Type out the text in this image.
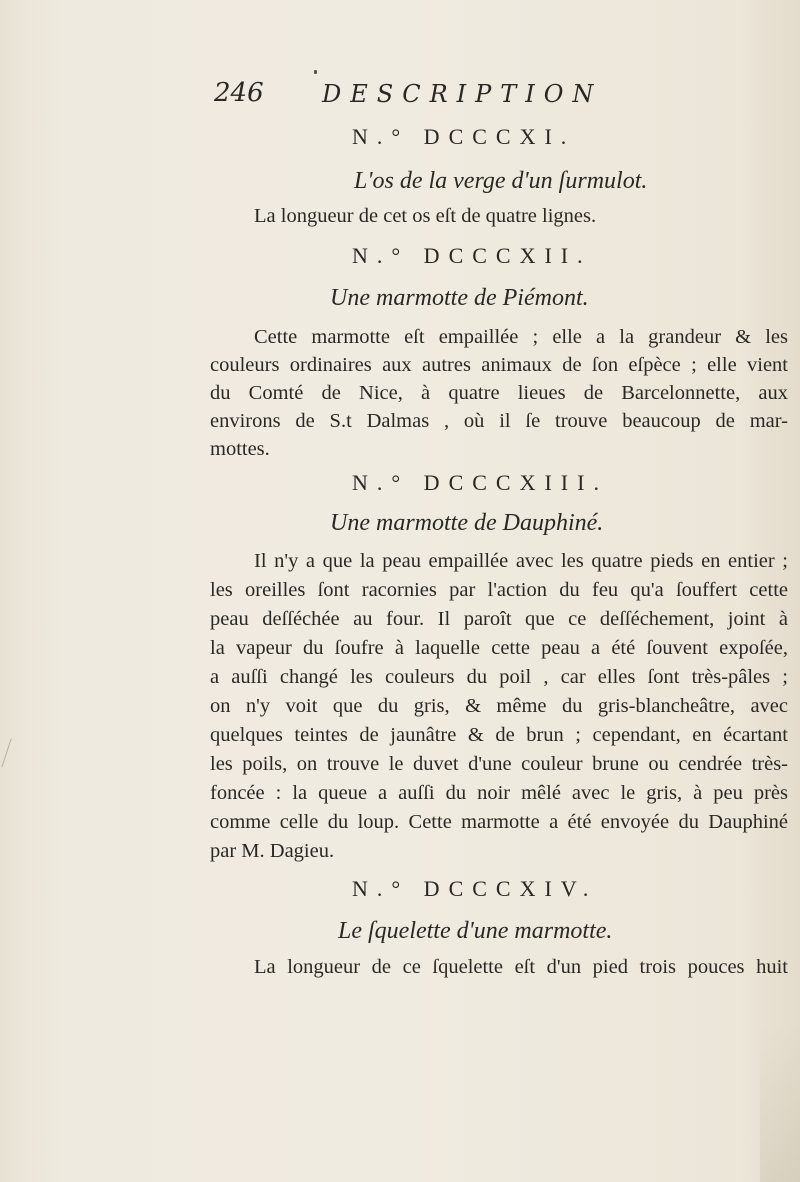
246 DESCRIPTION
N.° DCCCXI.
L'os de la verge d'un ſurmulot.
La longueur de cet os eſt de quatre lignes.
N.° DCCCXII.
Une marmotte de Piémont.
Cette marmotte eſt empaillée ; elle a la grandeur & les
couleurs ordinaires aux autres animaux de ſon eſpèce ; elle vient
du Comté de Nice, à quatre lieues de Barcelonnette, aux
environs de S.t Dalmas , où il ſe trouve beaucoup de mar-
mottes.
N.° DCCCXIII.
Une marmotte de Dauphiné.
Il n'y a que la peau empaillée avec les quatre pieds en entier ;
les oreilles ſont racornies par l'action du feu qu'a ſouffert cette
peau deſſéchée au four. Il paroît que ce deſſéchement, joint à
la vapeur du ſoufre à laquelle cette peau a été ſouvent expoſée,
a auſſi changé les couleurs du poil , car elles ſont très-pâles ;
on n'y voit que du gris, & même du gris-blancheâtre, avec
quelques teintes de jaunâtre & de brun ; cependant, en écartant
les poils, on trouve le duvet d'une couleur brune ou cendrée très-
foncée : la queue a auſſi du noir mêlé avec le gris, à peu près
comme celle du loup. Cette marmotte a été envoyée du Dauphiné
par M. Dagieu.
N.° DCCCXIV.
Le ſquelette d'une marmotte.
La longueur de ce ſquelette eſt d'un pied trois pouces huit
